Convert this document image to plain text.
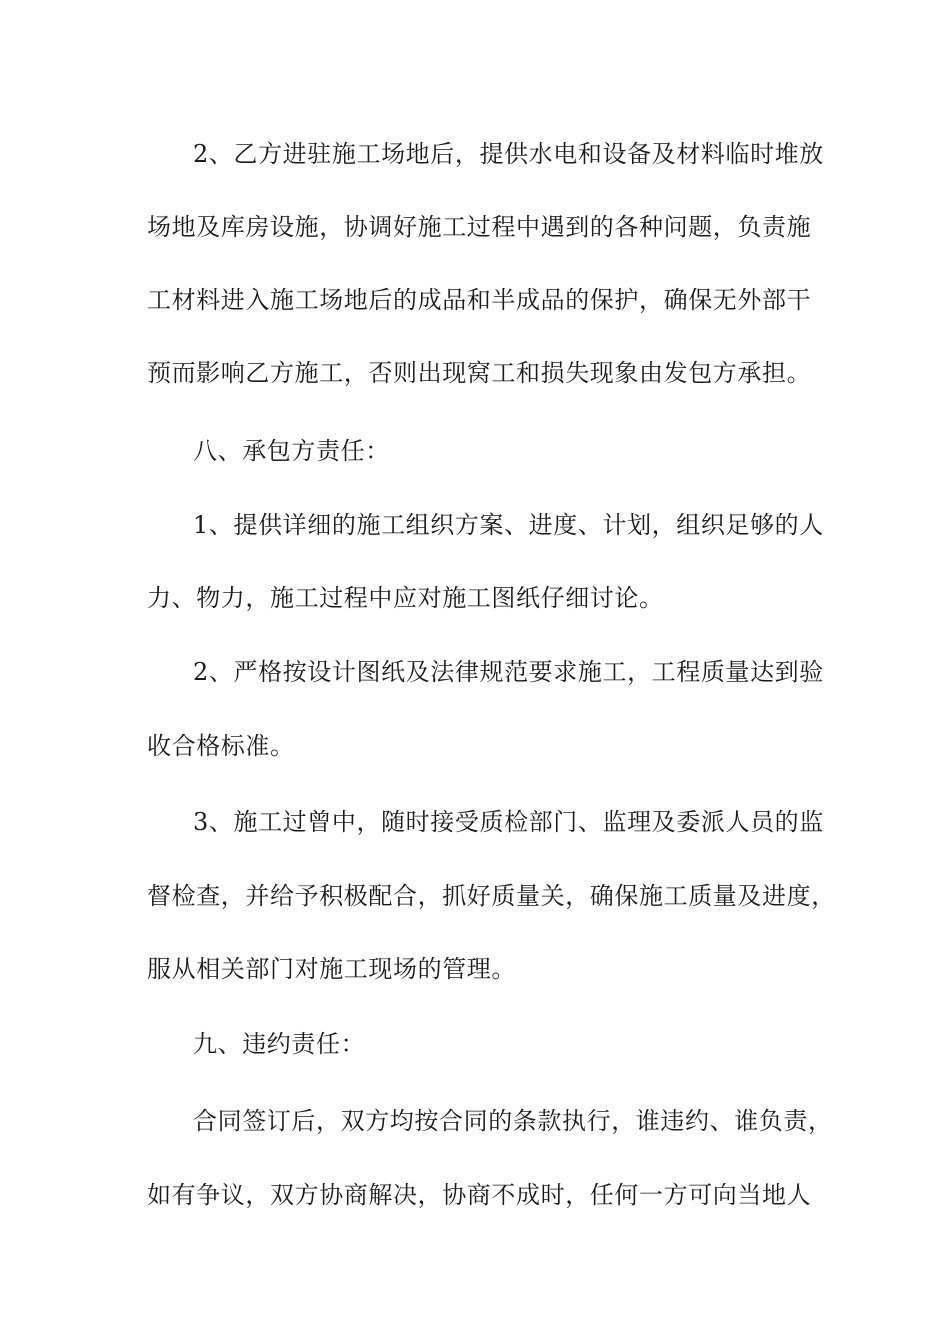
2、乙方进驻施工场地后，提供水电和设备及材料临时堆放
场地及库房设施，协调好施工过程中遇到的各种问题，负责施
工材料进入施工场地后的成品和半成品的保护，确保无外部干
预而影响乙方施工，否则出现窝工和损失现象由发包方承担。
八、承包方责任：
1、提供详细的施工组织方案、进度、计划，组织足够的人
力、物力，施工过程中应对施工图纸仔细讨论。
2、严格按设计图纸及法律规范要求施工，工程质量达到验
收合格标准。
3、施工过曾中，随时接受质检部门、监理及委派人员的监
督检查，并给予积极配合，抓好质量关，确保施工质量及进度，
服从相关部门对施工现场的管理。
九、违约责任：
合同签订后，双方均按合同的条款执行，谁违约、谁负责，
如有争议，双方协商解决，协商不成时，任何一方可向当地人
